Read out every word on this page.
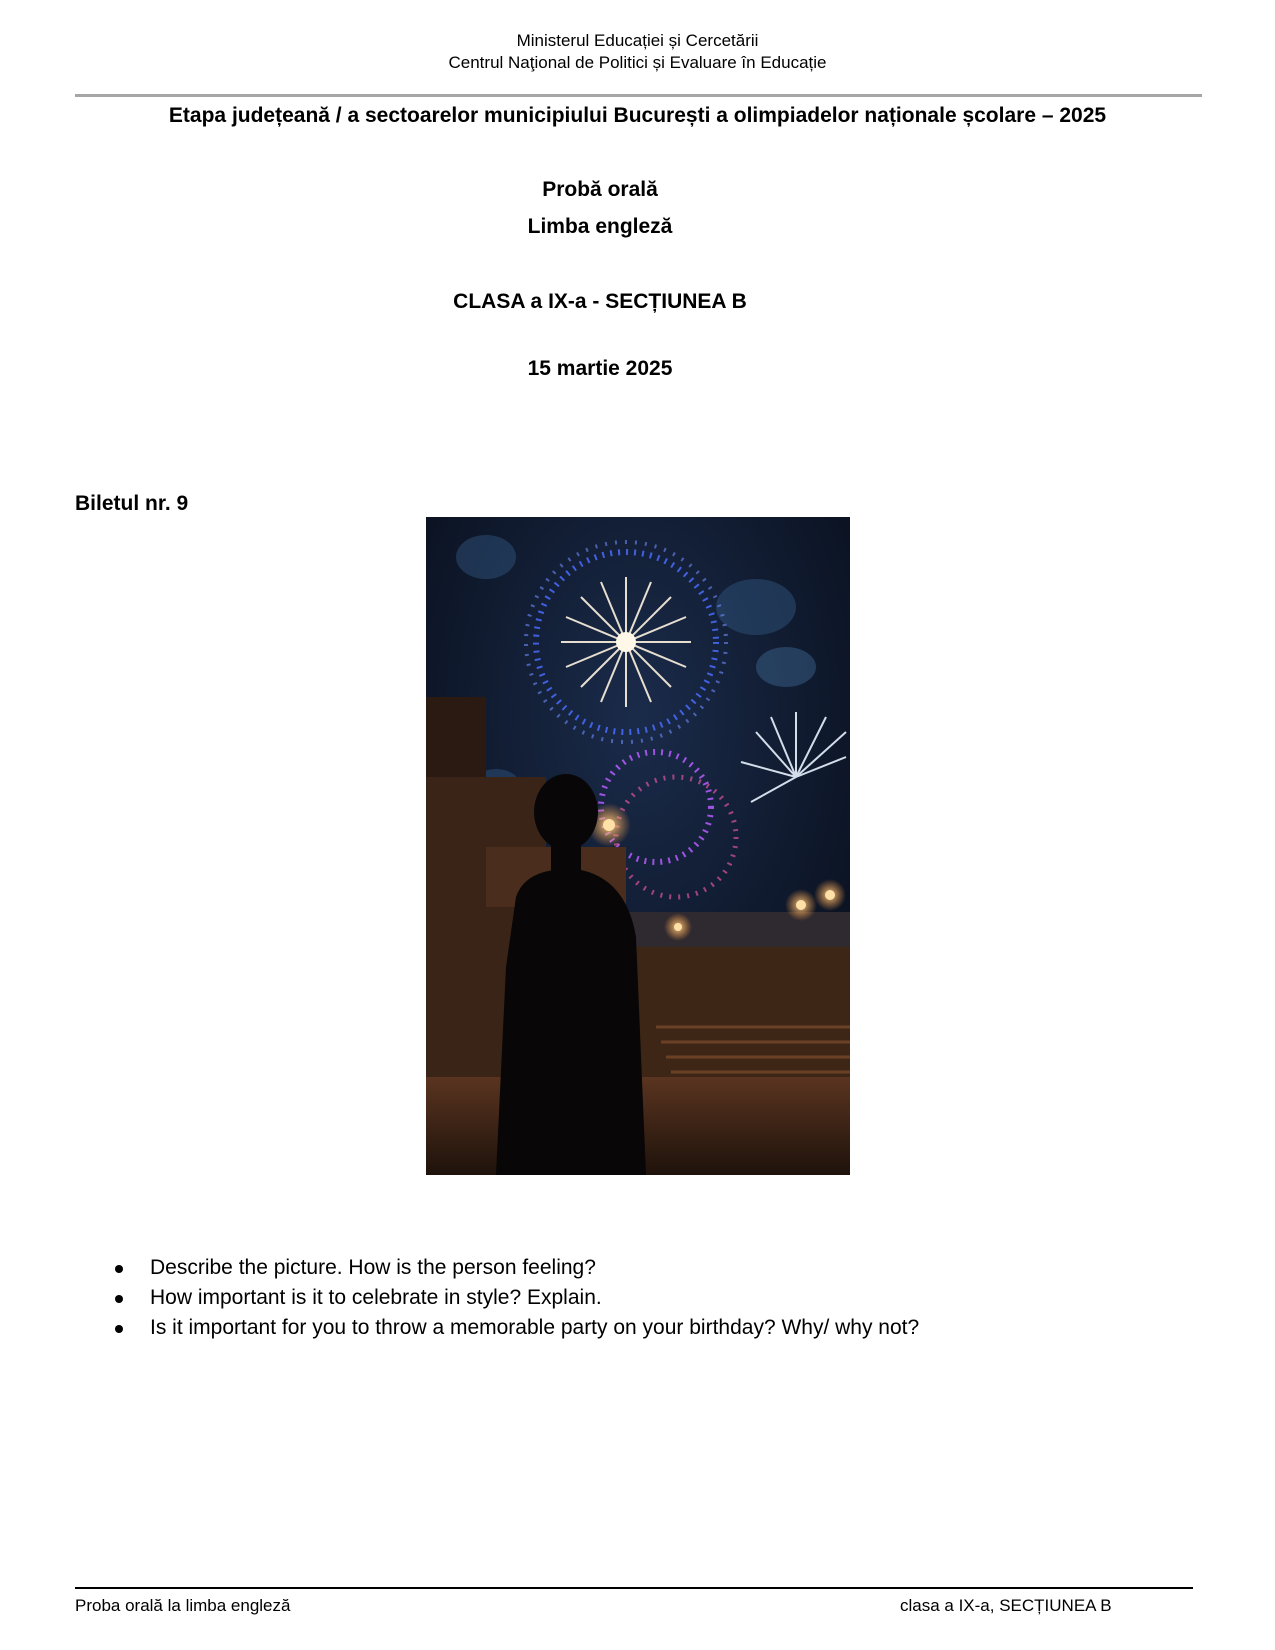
Ministerul Educației și Cercetării
Centrul Naţional de Politici și Evaluare în Educație
Etapa județeană / a sectoarelor municipiului București a olimpiadelor naționale școlare – 2025
Probă orală
Limba engleză
CLASA a IX-a - SECȚIUNEA B
15 martie 2025
Biletul nr. 9
Describe the picture. How is the person feeling?
How important is it to celebrate in style? Explain.
Is it important for you to throw a memorable party on your birthday? Why/ why not?
Proba orală la limba engleză	clasa a IX-a, SECȚIUNEA B
